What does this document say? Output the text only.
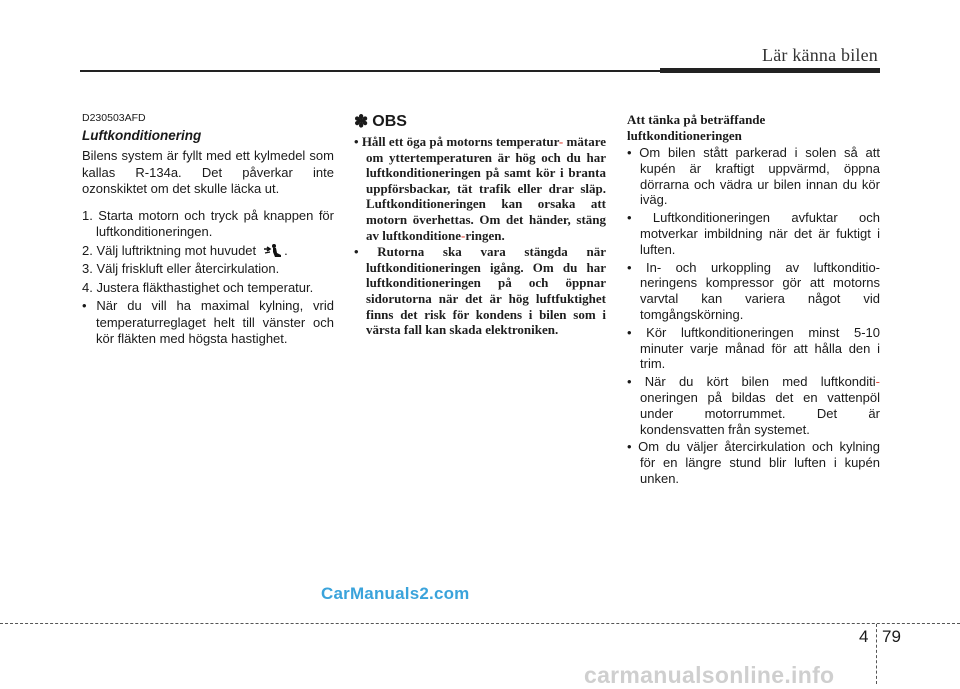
Lär känna bilen
D230503AFD
Luftkonditionering

Bilens system är fyllt med ett kylmedel som kallas R-134a. Det påverkar inte ozonskiktet om det skulle läcka ut.

1. Starta motorn och tryck på knappen för luftkonditioneringen.
2. Välj luftriktning mot huvudet .
3. Välj friskluft eller återcirkulation.
4. Justera fläkthastighet och temperatur.
• När du vill ha maximal kylning, vrid temperaturreglaget helt till vänster och kör fläkten med högsta hastighet.
✽ OBS
• Håll ett öga på motorns temperatur- mätare om yttertemperaturen är hög och du har luftkonditioneringen på samt kör i branta uppförsbackar, tät trafik eller drar släp. Luftkonditioneringen kan orsaka att motorn överhettas. Om det händer, stäng av luftkonditione-ringen.
• Rutorna ska vara stängda när luftkonditioneringen igång. Om du har luftkonditioneringen på och öppnar sidorutorna när det är hög luftfuktighet finns det risk för kondens i bilen som i värsta fall kan skada elektroniken.
Att tänka på beträffande luftkonditioneringen
• Om bilen stått parkerad i solen så att kupén är kraftigt uppvärmd, öppna dörrarna och vädra ur bilen innan du kör iväg.
• Luftkonditioneringen avfuktar och motverkar imbildning när det är fuktigt i luften.
• In- och urkoppling av luftkonditio-neringens kompressor gör att motorns varvtal kan variera något vid tomgångskörning.
• Kör luftkonditioneringen minst 5-10 minuter varje månad för att hålla den i trim.
• När du kört bilen med luftkonditi- oneringen på bildas det en vattenpöl under motorrummet. Det är kondensvatten från systemet.
• Om du väljer återcirkulation och kylning för en längre stund blir luften i kupén unken.
CarManuals2.com
4 79
carmanualsonline.info
